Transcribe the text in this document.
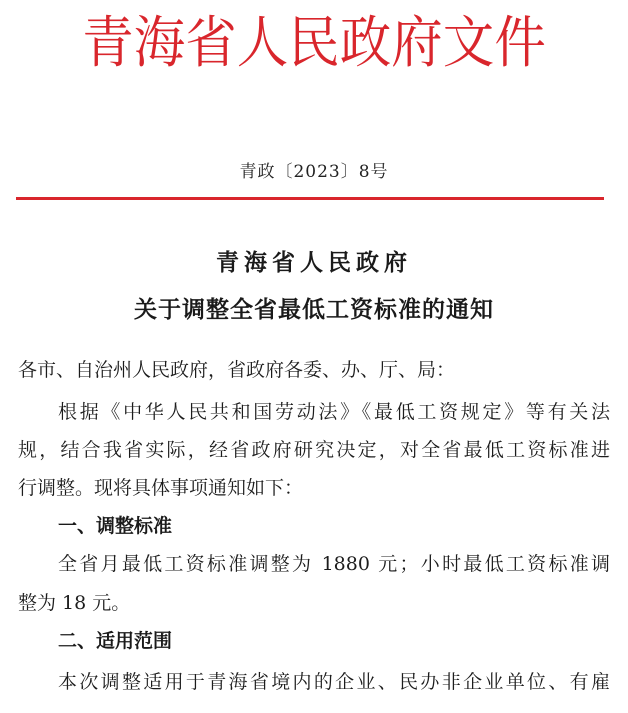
青海省人民政府文件
青政〔2023〕8号
青海省人民政府
关于调整全省最低工资标准的通知
各市、自治州人民政府，省政府各委、办、厅、局：
根据《中华人民共和国劳动法》《最低工资规定》等有关法
规，结合我省实际，经省政府研究决定，对全省最低工资标准进
行调整。现将具体事项通知如下：
一、调整标准
全省月最低工资标准调整为 1880 元；小时最低工资标准调
整为 18 元。
二、适用范围
本次调整适用于青海省境内的企业、民办非企业单位、有雇
